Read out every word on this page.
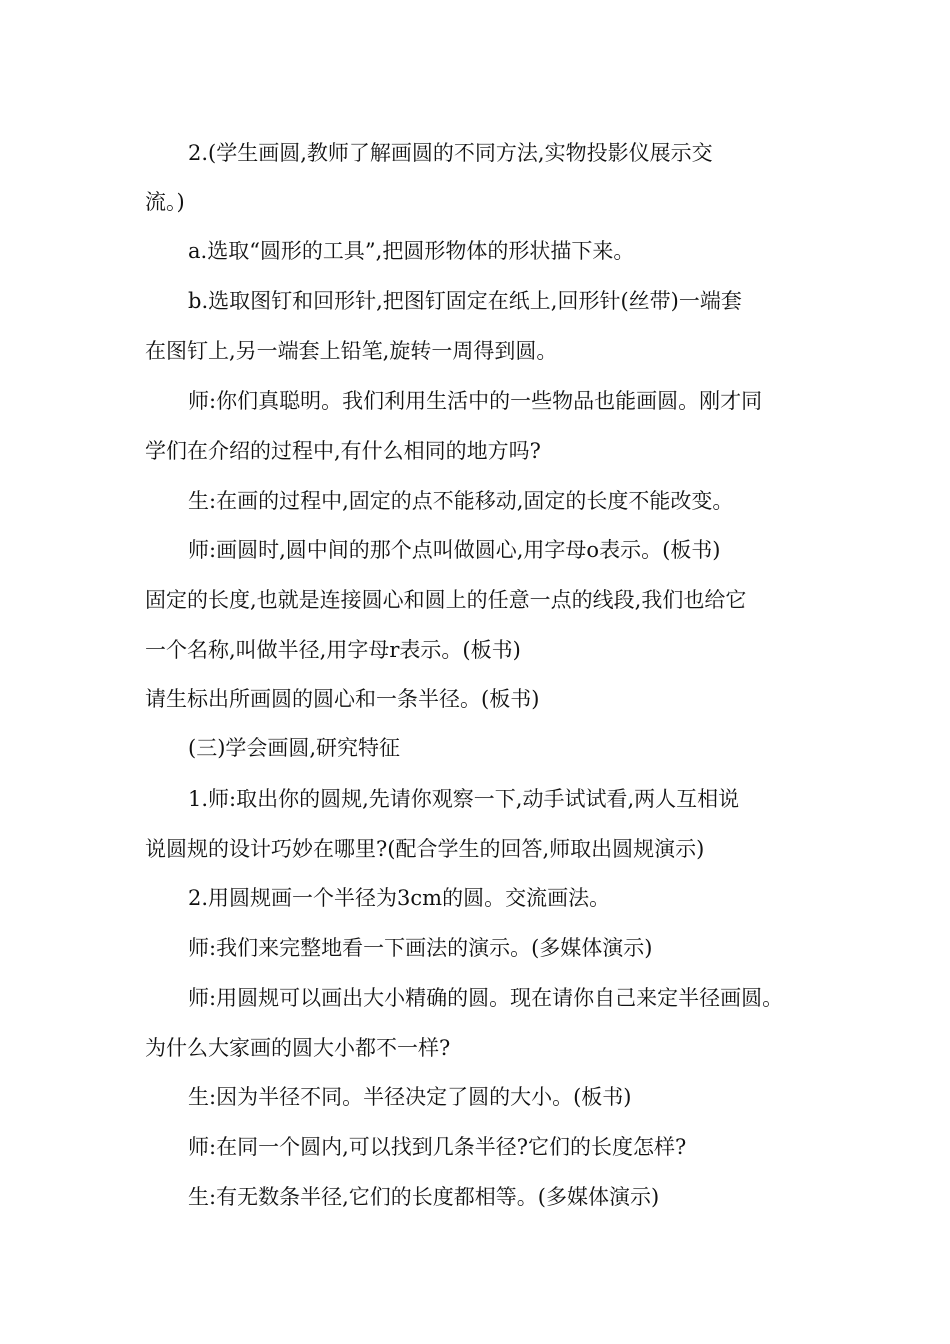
2.(学生画圆,教师了解画圆的不同方法,实物投影仪展示交
流。)
a.选取“圆形的工具”,把圆形物体的形状描下来。
b.选取图钉和回形针,把图钉固定在纸上,回形针(丝带)一端套
在图钉上,另一端套上铅笔,旋转一周得到圆。
师:你们真聪明。我们利用生活中的一些物品也能画圆。刚才同
学们在介绍的过程中,有什么相同的地方吗?
生:在画的过程中,固定的点不能移动,固定的长度不能改变。
师:画圆时,圆中间的那个点叫做圆心,用字母o表示。(板书)
固定的长度,也就是连接圆心和圆上的任意一点的线段,我们也给它
一个名称,叫做半径,用字母r表示。(板书)
请生标出所画圆的圆心和一条半径。(板书)
(三)学会画圆,研究特征
1.师:取出你的圆规,先请你观察一下,动手试试看,两人互相说
说圆规的设计巧妙在哪里?(配合学生的回答,师取出圆规演示)
2.用圆规画一个半径为3cm的圆。交流画法。
师:我们来完整地看一下画法的演示。(多媒体演示)
师:用圆规可以画出大小精确的圆。现在请你自己来定半径画圆。
为什么大家画的圆大小都不一样?
生:因为半径不同。半径决定了圆的大小。(板书)
师:在同一个圆内,可以找到几条半径?它们的长度怎样?
生:有无数条半径,它们的长度都相等。(多媒体演示)
